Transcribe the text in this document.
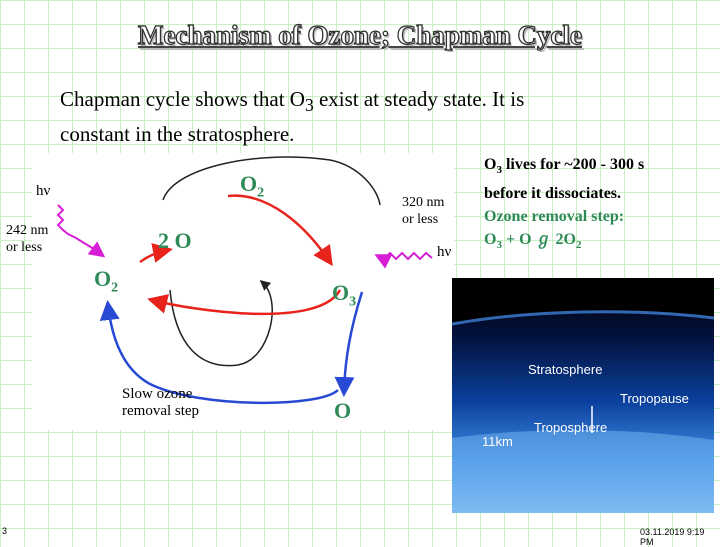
Mechanism of Ozone; Chapman Cycle
Chapman cycle shows that $O_3$ exist at steady state. It is
constant in the stratosphere.
hν
242 nm
or less
$O_2$
2 O
$O_2$
320 nm
or less
hν
$O_3$
Slow ozone
removal step	O
$O_3$ lives for ~200 - 300 s
before it dissociates.
Ozone removal step:
$O_3 + O$ ℊ $2O_2$
Stratosphere
Tropopause
Troposphere
11km
3	03.11.2019 9:19 PM
